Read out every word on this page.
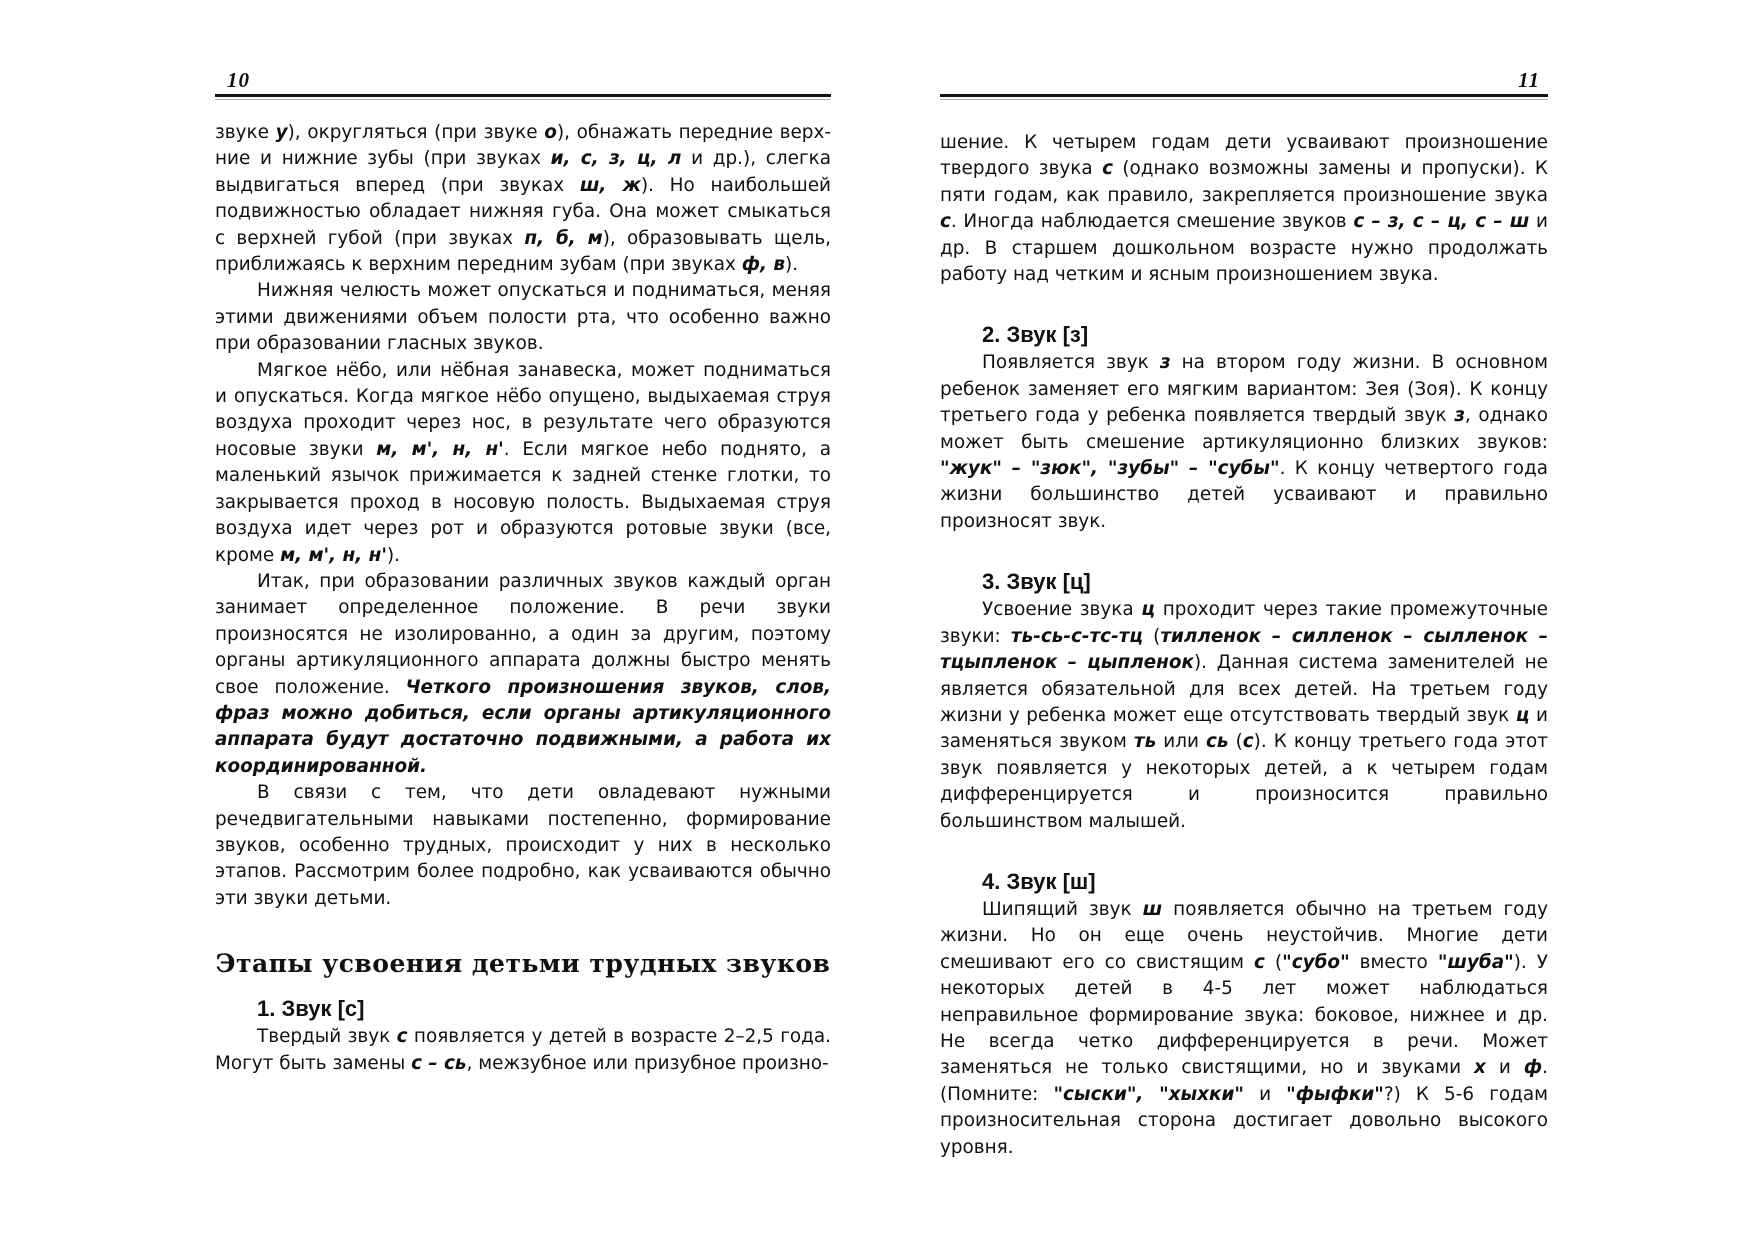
10

звуке у), округляться (при звуке о), обнажать передние верх-ние и нижние зубы (при звуках и, с, з, ц, л и др.), слегка выдвигаться вперед (при звуках ш, ж). Но наибольшей подвижностью обладает нижняя губа. Она может смыкаться с верхней губой (при звуках п, б, м), образовывать щель, приближаясь к верхним передним зубам (при звуках ф, в).

Нижняя челюсть может опускаться и подниматься, меняя этими движениями объем полости рта, что особенно важно при образовании гласных звуков.

Мягкое нёбо, или нёбная занавеска, может подниматься и опускаться. Когда мягкое нёбо опущено, выдыхаемая струя воздуха проходит через нос, в результате чего образуются носовые звуки м, м', н, н'. Если мягкое небо поднято, а маленький язычок прижимается к задней стенке глотки, то закрывается проход в носовую полость. Выдыхаемая струя воздуха идет через рот и образуются ротовые звуки (все, кроме м, м', н, н').

Итак, при образовании различных звуков каждый орган занимает определенное положение. В речи звуки произносятся не изолированно, а один за другим, поэтому органы артикуляционного аппарата должны быстро менять свое положение. Четкого произношения звуков, слов, фраз можно добиться, если органы артикуляционного аппарата будут достаточно подвижными, а работа их координированной.

В связи с тем, что дети овладевают нужными речедвигательными навыками постепенно, формирование звуков, особенно трудных, происходит у них в несколько этапов. Рассмотрим более подробно, как усваиваются обычно эти звуки детьми.

Этапы усвоения детьми трудных звуков
1. Звук [с]

Твердый звук с появляется у детей в возрасте 2–2,5 года. Могут быть замены с – сь, межзубное или призубное произно-

11

шение. К четырем годам дети усваивают произношение твердого звука с (однако возможны замены и пропуски). К пяти годам, как правило, закрепляется произношение звука с. Иногда наблюдается смешение звуков с – з, с – ц, с – ш и др. В старшем дошкольном возрасте нужно продолжать работу над четким и ясным произношением звука.

2. Звук [з]

Появляется звук з на втором году жизни. В основном ребенок заменяет его мягким вариантом: Зея (Зоя). К концу третьего года у ребенка появляется твердый звук з, однако может быть смешение артикуляционно близких звуков: "жук" – "зюк", "зубы" – "субы". К концу четвертого года жизни большинство детей усваивают и правильно произносят звук.

3. Звук [ц]

Усвоение звука ц проходит через такие промежуточные звуки: ть-сь-с-тс-тц (тилленок – силленок – сылленок – тцыпленок – цыпленок). Данная система заменителей не является обязательной для всех детей. На третьем году жизни у ребенка может еще отсутствовать твердый звук ц и заменяться звуком ть или сь (с). К концу третьего года этот звук появляется у некоторых детей, а к четырем годам дифференцируется и произносится правильно большинством малышей.

4. Звук [ш]

Шипящий звук ш появляется обычно на третьем году жизни. Но он еще очень неустойчив. Многие дети смешивают его со свистящим с ("субо" вместо "шуба"). У некоторых детей в 4-5 лет может наблюдаться неправильное формирование звука: боковое, нижнее и др. Не всегда четко дифференцируется в речи. Может заменяться не только свистящими, но и звуками х и ф. (Помните: "сыски", "хыхки" и "фыфки"?) К 5-6 годам произносительная сторона достигает довольно высокого уровня.
